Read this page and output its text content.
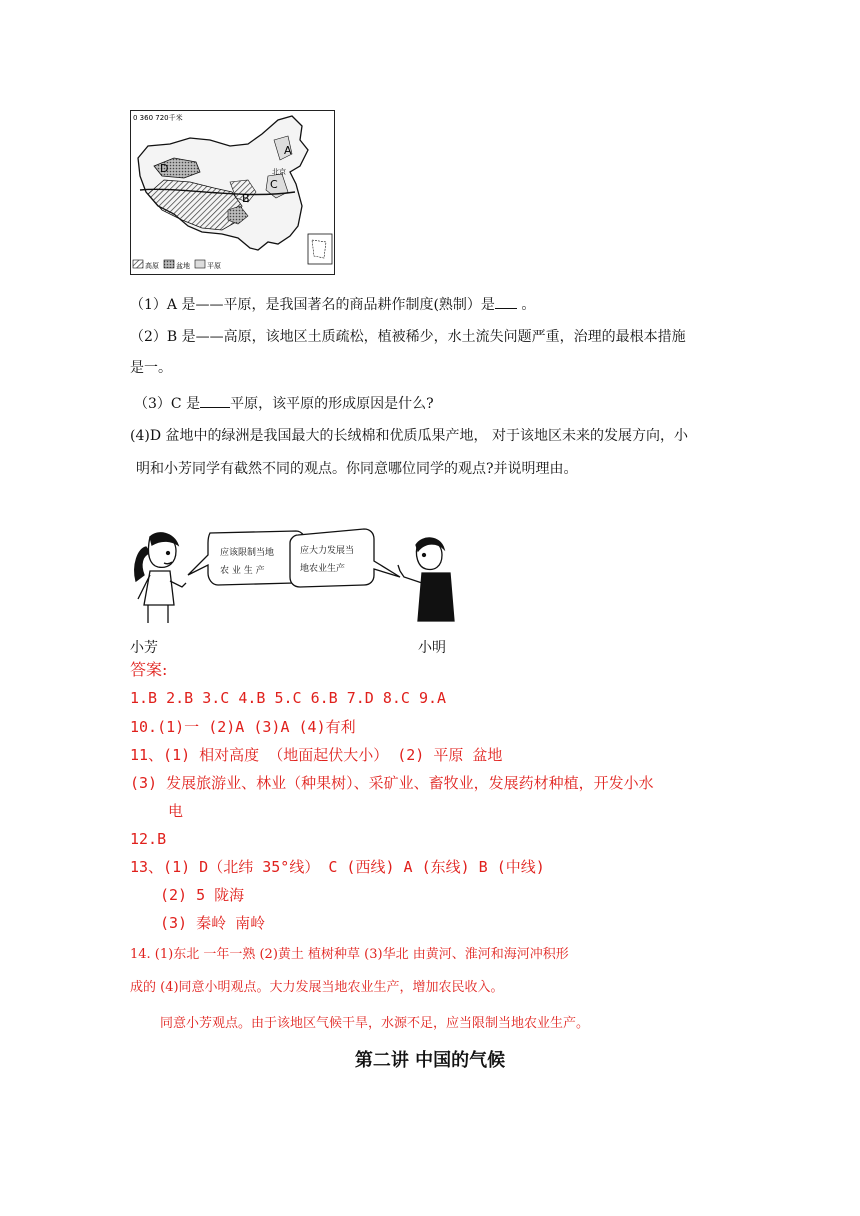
0 360 720千米
D
B
C
A
北京
高原 盆地 平原
（1）A 是——平原，是我国著名的商品耕作制度(熟制）是 。
（2）B 是——高原，该地区土质疏松，植被稀少，水土流失问题严重，治理的最根本措施
是一。
（3）C 是 平原，该平原的形成原因是什么?
(4)D 盆地中的绿洲是我国最大的长绒棉和优质瓜果产地， 对于该地区未来的发展方向，小
明和小芳同学有截然不同的观点。你同意哪位同学的观点?并说明理由。
应该限制当地
农 业 生 产
应大力发展当
地农业生产
小芳	小明
答案:
1.B 2.B 3.C 4.B 5.C 6.B 7.D 8.C 9.A
10.(1)一 (2)A (3)A (4)有利
11、(1) 相对高度 （地面起伏大小） (2) 平原 盆地
(3) 发展旅游业、林业（种果树）、采矿业、畜牧业，发展药材种植，开发小水
电
12.B
13、(1) D（北纬 35°线） C (西线) A (东线) B (中线)
(2) 5 陇海
(3) 秦岭 南岭
14. (1)东北 一年一熟 (2)黄土 植树种草 (3)华北 由黄河、淮河和海河冲积形
成的 (4)同意小明观点。大力发展当地农业生产，增加农民收入。
同意小芳观点。由于该地区气候干旱，水源不足，应当限制当地农业生产。
第二讲 中国的气候
